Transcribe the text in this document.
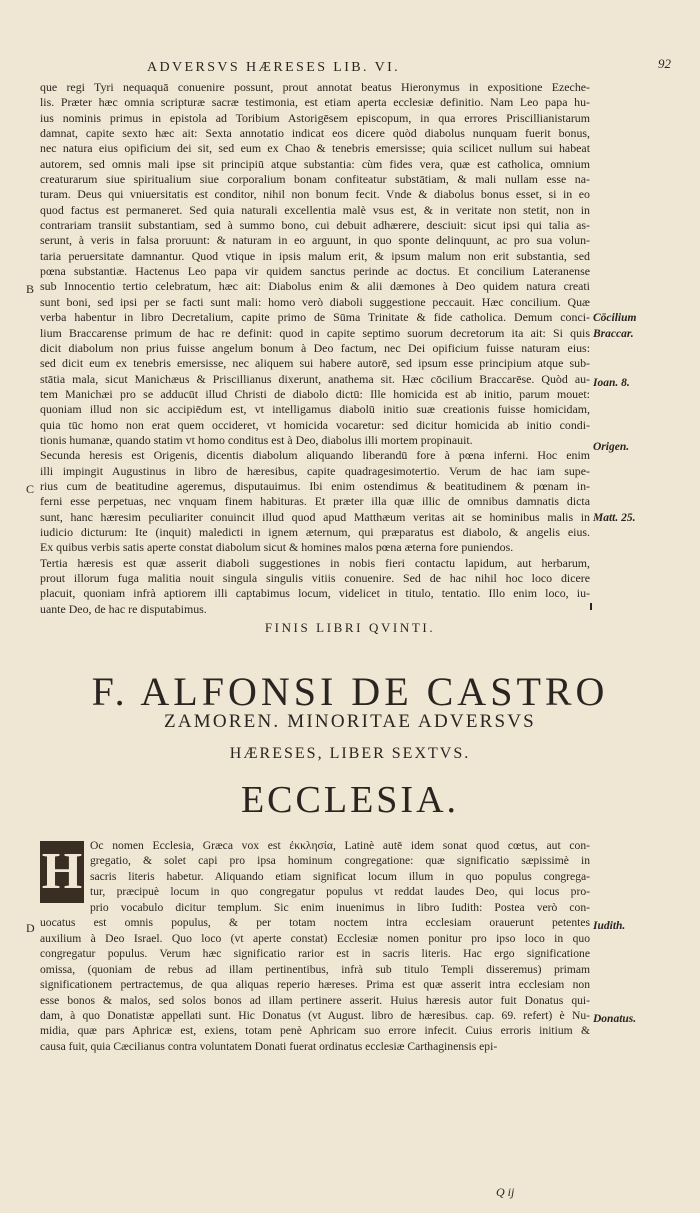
ADVERSVS HÆRESES LIB. VI.	92

que regi Tyri nequaquā conuenire possunt, prout annotat beatus Hieronymus in expositione Ezeche-

lis. Præter hæc omnia scripturæ sacræ testimonia, est etiam aperta ecclesiæ definitio. Nam Leo papa hu-

ius nominis primus in epistola ad Toribium Astorigēsem episcopum, in qua errores Priscillianistarum

damnat, capite sexto hæc ait: Sexta annotatio indicat eos dicere quòd diabolus nunquam fuerit bonus,

nec natura eius opificium dei sit, sed eum ex Chao & tenebris emersisse; quia scilicet nullum sui habeat

autorem, sed omnis mali ipse sit principiū atque substantia: cùm fides vera, quæ est catholica, omnium

creaturarum siue spiritualium siue corporalium bonam confiteatur substātiam, & mali nullam esse na-

turam. Deus qui vniuersitatis est conditor, nihil non bonum fecit. Vnde & diabolus bonus esset, si in eo

quod factus est permaneret. Sed quia naturali excellentia malè vsus est, & in veritate non stetit, non in

contrariam transiit substantiam, sed à summo bono, cui debuit adhærere, desciuit: sicut ipsi qui talia as-

serunt, à veris in falsa proruunt: & naturam in eo arguunt, in quo sponte delinquunt, ac pro sua volun-

taria peruersitate damnantur. Quod vtique in ipsis malum erit, & ipsum malum non erit substantia, sed

pœna substantiæ. Hactenus Leo papa vir quidem sanctus perinde ac doctus. Et concilium Lateranense

sub Innocentio tertio celebratum, hæc ait: Diabolus enim & alii dæmones à Deo quidem natura creati

sunt boni, sed ipsi per se facti sunt mali: homo verò diaboli suggestione peccauit. Hæc concilium. Quæ

verba habentur in libro Decretalium, capite primo de Sūma Trinitate & fide catholica. Demum conci-

lium Braccarense primum de hac re definit: quod in capite septimo suorum decretorum ita ait: Si quis

dicit diabolum non prius fuisse angelum bonum à Deo factum, nec Dei opificium fuisse naturam eius:

sed dicit eum ex tenebris emersisse, nec aliquem sui habere autorē, sed ipsum esse principium atque sub-

stātia mala, sicut Manichæus & Priscillianus dixerunt, anathema sit. Hæc cōcilium Braccarēse. Quòd au-

tem Manichæi pro se adducūt illud Christi de diabolo dictū: Ille homicida est ab initio, parum mouet:

quoniam illud non sic accipiēdum est, vt intelligamus diabolū initio suæ creationis fuisse homicidam,

quia tūc homo non erat quem occideret, vt homicida vocaretur: sed dicitur homicida ab initio condi-

tionis humanæ, quando statim vt homo conditus est à Deo, diabolus illi mortem propinauit.

Secunda heresis est Origenis, dicentis diabolum aliquando liberandū fore à pœna inferni. Hoc enim

illi impingit Augustinus in libro de hæresibus, capite quadragesimotertio. Verum de hac iam supe-

rius cum de beatitudine ageremus, disputauimus. Ibi enim ostendimus & beatitudinem & pœnam in-

ferni esse perpetuas, nec vnquam finem habituras. Et præter illa quæ illic de omnibus damnatis dicta

sunt, hanc hæresim peculiariter conuincit illud quod apud Matthæum veritas ait se hominibus malis in

iudicio dicturum: Ite (inquit) maledicti in ignem æternum, qui præparatus est diabolo, & angelis eius.

Ex quibus verbis satis aperte constat diabolum sicut & homines malos pœna æterna fore puniendos.

Tertia hæresis est quæ asserit diaboli suggestiones in nobis fieri contactu lapidum, aut herbarum,

prout illorum fuga malitia nouit singula singulis vitiis conuenire. Sed de hac nihil hoc loco dicere

placuit, quoniam infrà aptiorem illi captabimus locum, videlicet in titulo, tentatio. Illo enim loco, iu-

uante Deo, de hac re disputabimus.

B
C
D
Cōcilium
Braccar.
Ioan. 8.
Origen.
Matt. 25.
FINIS LIBRI QVINTI.
F. ALFONSI DE CASTRO
ZAMOREN. MINORITAE ADVERSVS
HÆRESES, LIBER SEXTVS.
ECCLESIA.
H Oc nomen Ecclesia, Græca vox est ἐκκλησία, Latinè autē idem sonat quod cœtus, aut con-

gregatio, & solet capi pro ipsa hominum congregatione: quæ significatio sæpissimè in

sacris literis habetur. Aliquando etiam significat locum illum in quo populus congrega-

tur, præcipuè locum in quo congregatur populus vt reddat laudes Deo, qui locus pro-

prio vocabulo dicitur templum. Sic enim inuenimus in libro Iudith: Postea verò con-

uocatus est omnis populus, & per totam noctem intra ecclesiam orauerunt petentes

auxilium à Deo Israel. Quo loco (vt aperte constat) Ecclesiæ nomen ponitur pro ipso loco in quo

congregatur populus. Verum hæc significatio rarior est in sacris literis. Hac ergo significatione

omissa, (quoniam de rebus ad illam pertinentibus, infrà sub titulo Templi disseremus) primam

significationem pertractemus, de qua aliquas reperio hæreses. Prima est quæ asserit intra ecclesiam non

esse bonos & malos, sed solos bonos ad illam pertinere asserit. Huius hæresis autor fuit Donatus qui-

dam, à quo Donatistæ appellati sunt. Hic Donatus (vt August. libro de hæresibus. cap. 69. refert) è Nu-

midia, quæ pars Aphricæ est, exiens, totam penè Aphricam suo errore infecit. Cuius erroris initium &

causa fuit, quia Cæcilianus contra voluntatem Donati fuerat ordinatus ecclesiæ Carthaginensis epi-

Iudith.
Donatus.
Q ij
